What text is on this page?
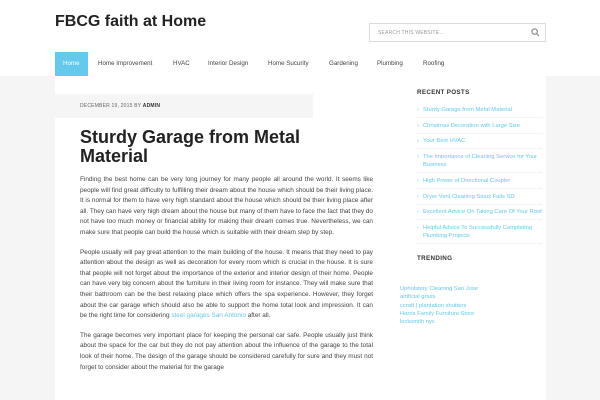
FBCG faith at Home
SEARCH THIS WEBSITE...
Home	Home Improvement	HVAC	Interior Design	Home Sucurity	Gardening	Plumbing	Roofing
DECEMBER 19, 2015 BY ADMIN
Sturdy Garage from Metal Material

Finding the best home can be very long journey for many people all around the world. It seems like people will find great difficulty to fulfilling their dream about the house which should be their living place. It is normal for them to have very high standard about the house which should be their living place after all. They can have very high dream about the house but many of them have to face the fact that they do not have too much money or financial ability for making their dream comes true. Nevertheless, we can make sure that people can build the house which is suitable with their dream step by step.

People usually will pay great attention to the main building of the house. It means that they need to pay attention about the design as well as decoration for every room which is crucial in the house. It is sure that people will not forget about the importance of the exterior and interior design of their home. People can have very big concern about the furniture in their living room for instance. They will make sure that their bathroom can be the best relaxing place which offers the spa experience. However, they forget about the car garage which should also be able to support the home total look and impression. It can be the right time for considering steel garages San Antonio after all.

The garage becomes very important place for keeping the personal car safe. People usually just think about the space for the car but they do not pay attention about the influence of the garage to the total look of their home. The design of the garage should be considered carefully for sure and they must not forget to consider about the material for the garage

RECENT POSTS
› Sturdy Garage from Metal Material
› Christmas Decoration with Large Size
› Your Best HVAC
› The Importance of Cleaning Service for Your Business
› High Power of Directional Coupler
› Dryer Vent Cleaning Sioux Falls SD
› Excellent Advice On Taking Care Of Your Roof
› Helpful Advice To Successfully Completing Plumbing Projects
TRENDING
Upholstery Cleaning San Jose
artificial grass
ccraft | plantation shutters
Harris Family Furniture Store
locksmith nyc
